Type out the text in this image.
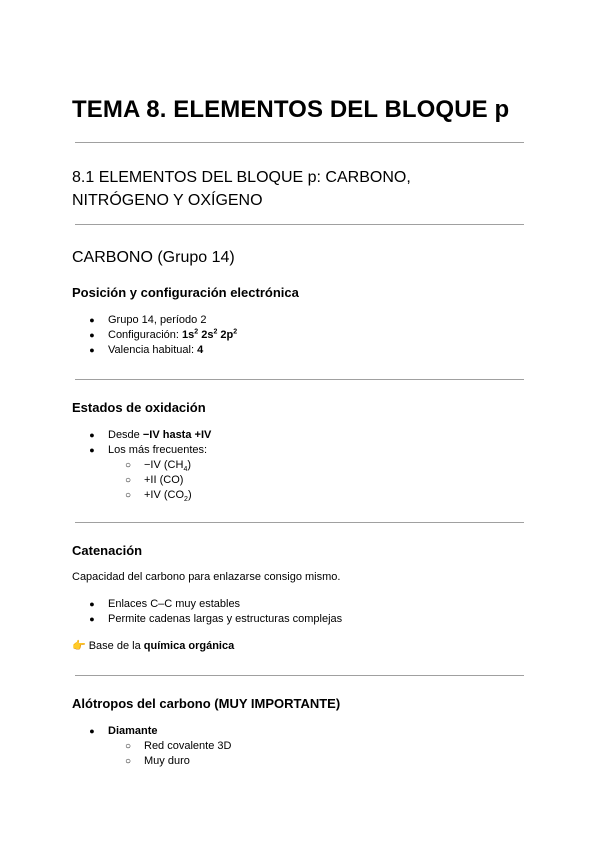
TEMA 8. ELEMENTOS DEL BLOQUE p
8.1 ELEMENTOS DEL BLOQUE p: CARBONO, NITRÓGENO Y OXÍGENO
CARBONO (Grupo 14)
Posición y configuración electrónica
● Grupo 14, período 2
● Configuración: $1s^2$ $2s^2$ $2p^2$
● Valencia habitual: 4
Estados de oxidación
● Desde −IV hasta +IV
● Los más frecuentes:
○ −IV $(CH_4)$
○ +II (CO)
○ +IV $(CO_2)$
Catenación
Capacidad del carbono para enlazarse consigo mismo.
● Enlaces C–C muy estables
● Permite cadenas largas y estructuras complejas
👉 Base de la química orgánica
Alótropos del carbono (MUY IMPORTANTE)
● Diamante
○ Red covalente 3D
○ Muy duro
